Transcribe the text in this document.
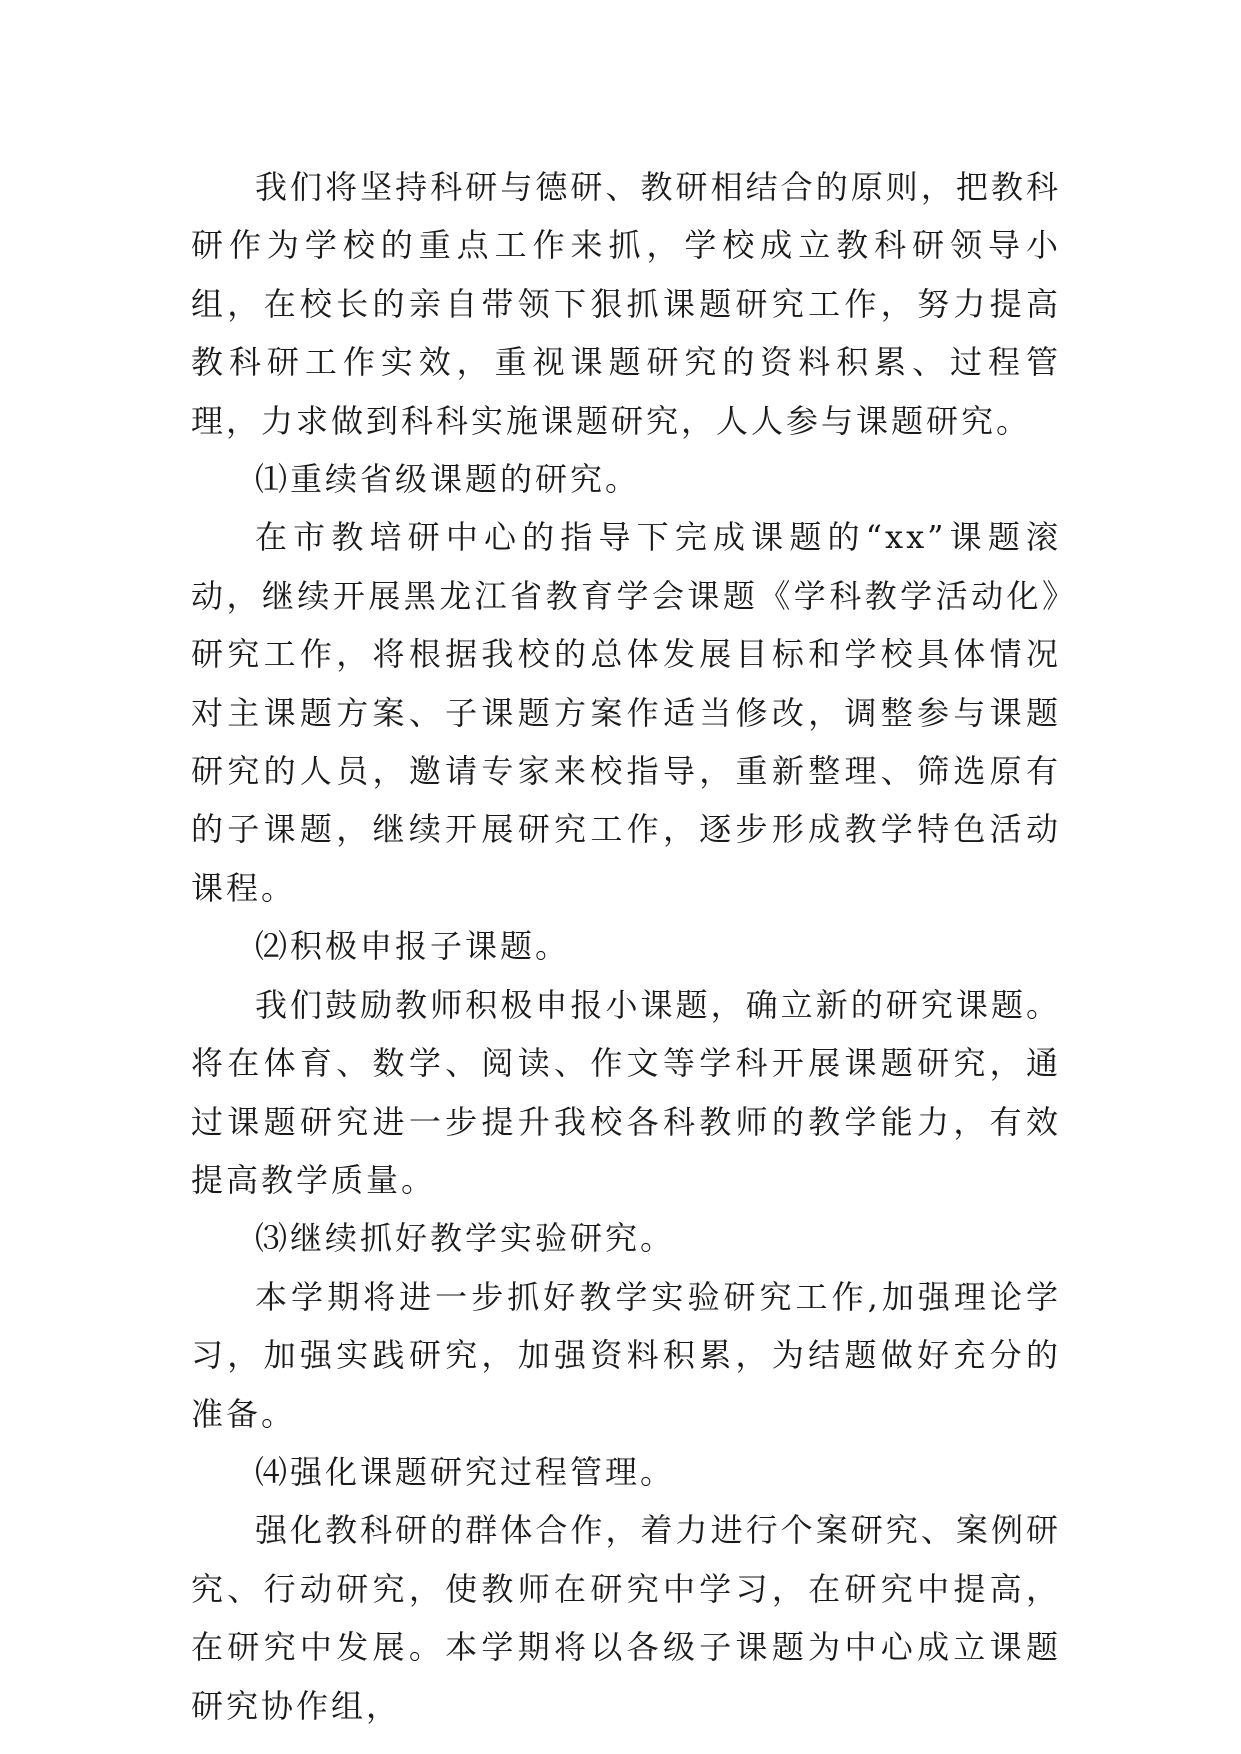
我们将坚持科研与德研、教研相结合的原则，把教科研作为学校的重点工作来抓，学校成立教科研领导小组，在校长的亲自带领下狠抓课题研究工作，努力提高教科研工作实效，重视课题研究的资料积累、过程管理，力求做到科科实施课题研究，人人参与课题研究。

⑴重续省级课题的研究。

在市教培研中心的指导下完成课题的“xx”课题滚动，继续开展黑龙江省教育学会课题《学科教学活动化》研究工作，将根据我校的总体发展目标和学校具体情况对主课题方案、子课题方案作适当修改，调整参与课题研究的人员，邀请专家来校指导，重新整理、筛选原有的子课题，继续开展研究工作，逐步形成教学特色活动课程。

⑵积极申报子课题。

我们鼓励教师积极申报小课题，确立新的研究课题。将在体育、数学、阅读、作文等学科开展课题研究，通过课题研究进一步提升我校各科教师的教学能力，有效提高教学质量。

⑶继续抓好教学实验研究。

本学期将进一步抓好教学实验研究工作,加强理论学习，加强实践研究，加强资料积累，为结题做好充分的准备。

⑷强化课题研究过程管理。

强化教科研的群体合作，着力进行个案研究、案例研究、行动研究，使教师在研究中学习，在研究中提高，在研究中发展。本学期将以各级子课题为中心成立课题研究协作组，
